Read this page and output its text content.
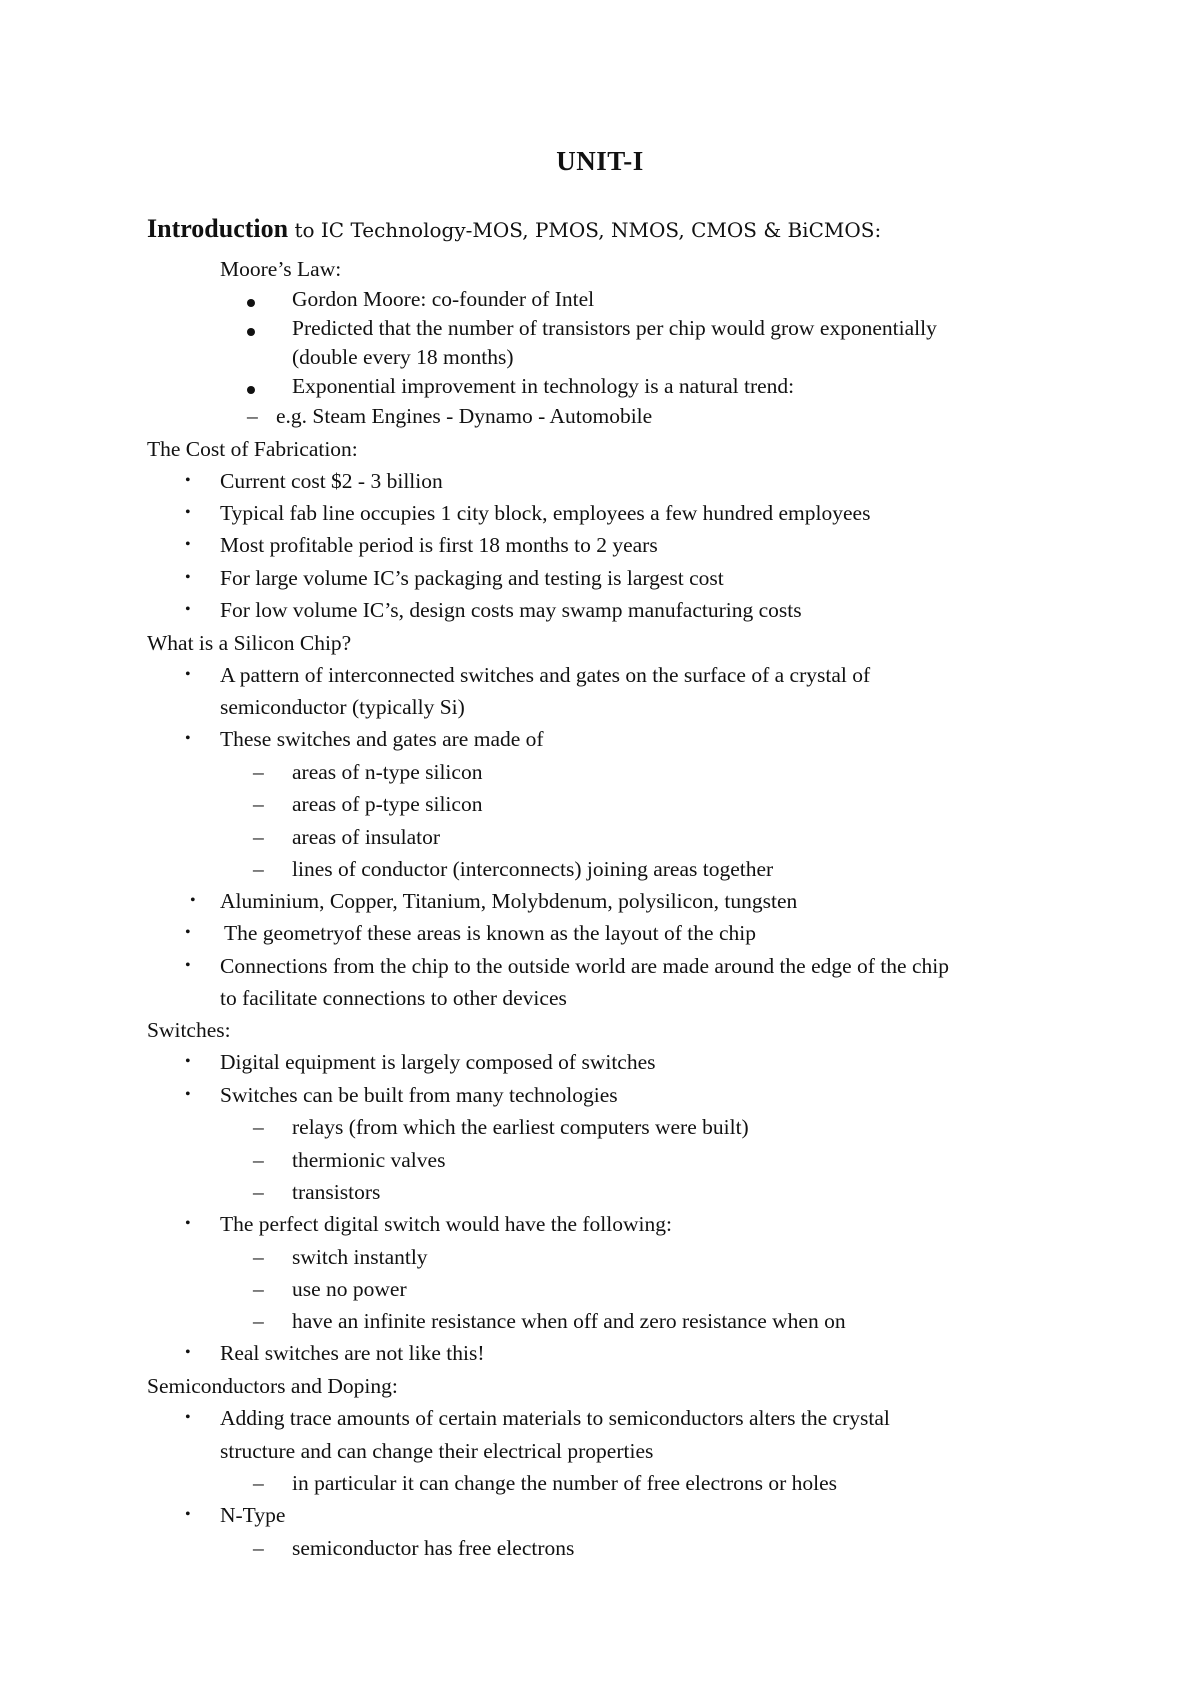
UNIT-I
Introduction to IC Technology-MOS, PMOS, NMOS, CMOS & BiCMOS:
Moore’s Law:
Gordon Moore: co-founder of Intel
Predicted that the number of transistors per chip would grow exponentially
(double every 18 months)
Exponential improvement in technology is a natural trend:
– e.g. Steam Engines - Dynamo - Automobile
The Cost of Fabrication:
• Current cost $2 - 3 billion
• Typical fab line occupies 1 city block, employees a few hundred employees
• Most profitable period is first 18 months to 2 years
• For large volume IC’s packaging and testing is largest cost
• For low volume IC’s, design costs may swamp manufacturing costs
What is a Silicon Chip?
• A pattern of interconnected switches and gates on the surface of a crystal of
semiconductor (typically Si)
• These switches and gates are made of
– areas of n-type silicon
– areas of p-type silicon
– areas of insulator
– lines of conductor (interconnects) joining areas together
• Aluminium, Copper, Titanium, Molybdenum, polysilicon, tungsten
• The geometryof these areas is known as the layout of the chip
• Connections from the chip to the outside world are made around the edge of the chip
to facilitate connections to other devices
Switches:
• Digital equipment is largely composed of switches
• Switches can be built from many technologies
– relays (from which the earliest computers were built)
– thermionic valves
– transistors
• The perfect digital switch would have the following:
– switch instantly
– use no power
– have an infinite resistance when off and zero resistance when on
• Real switches are not like this!
Semiconductors and Doping:
• Adding trace amounts of certain materials to semiconductors alters the crystal
structure and can change their electrical properties
– in particular it can change the number of free electrons or holes
• N-Type
– semiconductor has free electrons
